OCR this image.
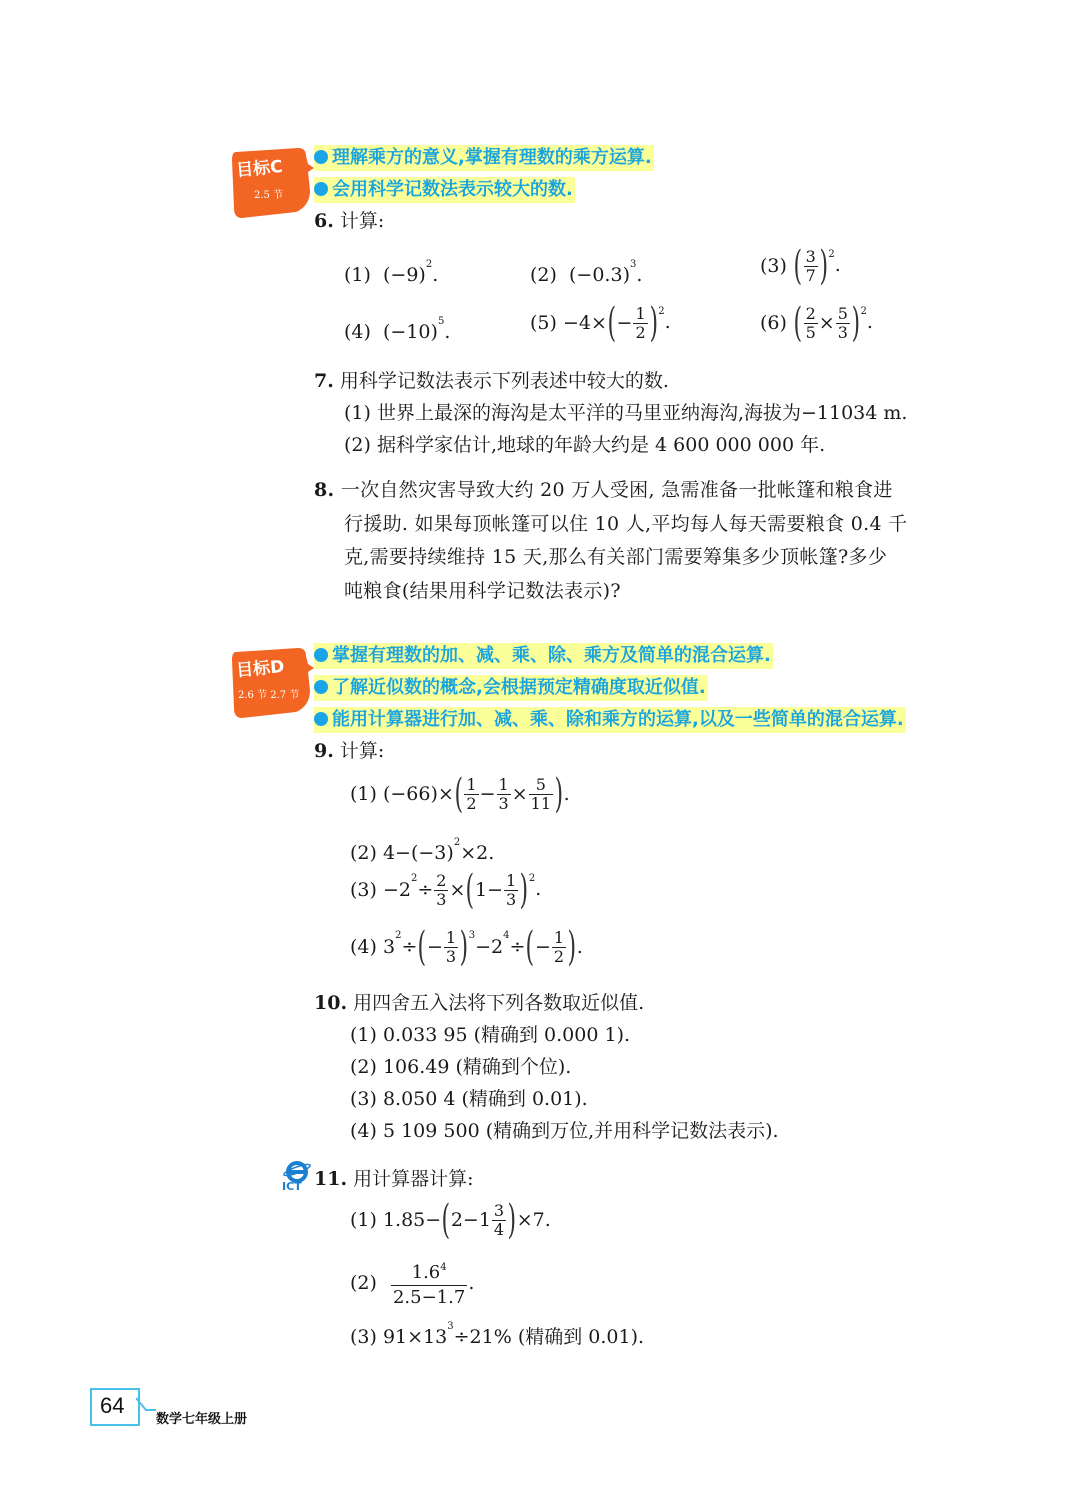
目标C
2.5 节
理解乘方的意义,掌握有理数的乘方运算.
会用科学记数法表示较大的数.
6. 计算:
(1) $(-9)^2$.	(2) $(-0.3)^3$.	(3) ( $\frac{3}{7} )^2$.
(4) $(-10)^5$.	$(5) -4\times(- \frac{1}{2} )^2$.	(6) ( $\frac{2}{5} \times \frac{5}{3} )^2$.
7. 用科学记数法表示下列表述中较大的数.
(1) 世界上最深的海沟是太平洋的马里亚纳海沟,海拔为−11034 m.
(2) 据科学家估计,地球的年龄大约是 4 600 000 000 年.
8. 一次自然灾害导致大约 20 万人受困, 急需准备一批帐篷和粮食进
行援助. 如果每顶帐篷可以住 10 人,平均每人每天需要粮食 0.4 千
克,需要持续维持 15 天,那么有关部门需要筹集多少顶帐篷?多少
吨粮食(结果用科学记数法表示)?
目标D
2.6 节 2.7 节
掌握有理数的加、减、乘、除、乘方及简单的混合运算.
了解近似数的概念,会根据预定精确度取近似值.
能用计算器进行加、减、乘、除和乘方的运算,以及一些简单的混合运算.
9. 计算:
(1) $(-66)\times( \frac{1}{2} - \frac{1}{3} \times \frac{5}{11}$ ).
(2) $4-(-3)^2\times 2$.
$(3) -2^2\div \frac{2}{3} \times(1- \frac{1}{3} )^2$.
(4) $3^2\div(- \frac{1}{3} )^3-2^4\div(- \frac{1}{2}$ ).
10. 用四舍五入法将下列各数取近似值.
(1) 0.033 95 (精确到 0.000 1).
(2) 106.49 (精确到个位).
(3) 8.050 4 (精确到 0.01).
(4) 5 109 500 (精确到万位,并用科学记数法表示).
ICT 11. 用计算器计算:
(1) $1.85-(2-1 \frac{3}{4} )\times 7$.
$(2) \frac{1.6^4}{2.5-1.7}$ .
(3) $91\times 13^3\div 21\%$ (精确到 0.01).
64
数学七年级上册
